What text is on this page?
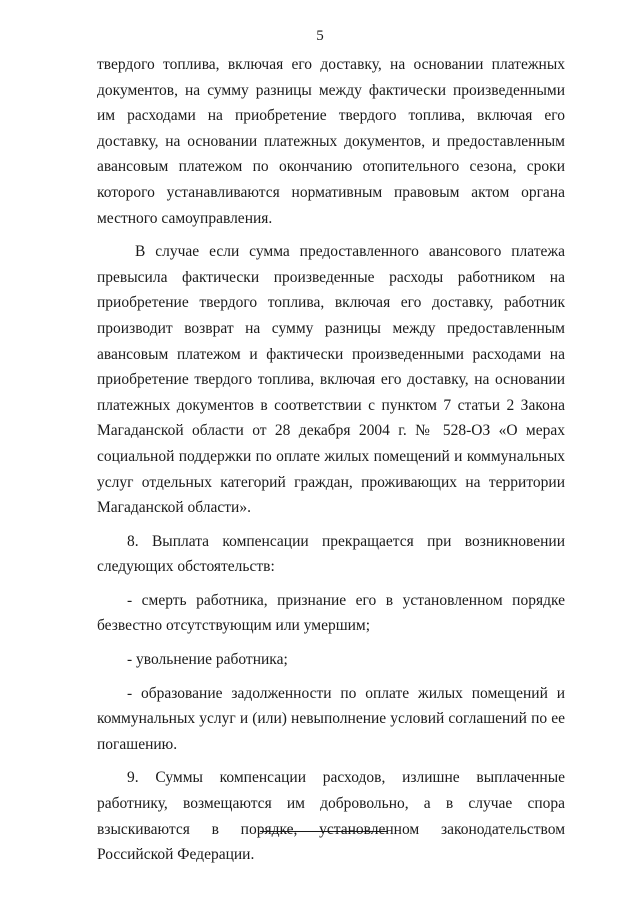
5

твердого топлива, включая его доставку, на основании платежных документов, на сумму разницы между фактически произведенными им расходами на приобретение твердого топлива, включая его доставку, на основании платежных документов, и предоставленным авансовым платежом по окончанию отопительного сезона, сроки которого устанавливаются нормативным правовым актом органа местного самоуправления.

В случае если сумма предоставленного авансового платежа превысила фактически произведенные расходы работником на приобретение твердого топлива, включая его доставку, работник производит возврат на сумму разницы между предоставленным авансовым платежом и фактически произведенными расходами на приобретение твердого топлива, включая его доставку, на основании платежных документов в соответствии с пунктом 7 статьи 2 Закона Магаданской области от 28 декабря 2004 г. № 528-ОЗ «О мерах социальной поддержки по оплате жилых помещений и коммунальных услуг отдельных категорий граждан, проживающих на территории Магаданской области».

8. Выплата компенсации прекращается при возникновении следующих обстоятельств:

- смерть работника, признание его в установленном порядке безвестно отсутствующим или умершим;

- увольнение работника;

- образование задолженности по оплате жилых помещений и коммунальных услуг и (или) невыполнение условий соглашений по ее погашению.

9. Суммы компенсации расходов, излишне выплаченные работнику, возмещаются им добровольно, а в случае спора взыскиваются в порядке, установленном законодательством Российской Федерации.
